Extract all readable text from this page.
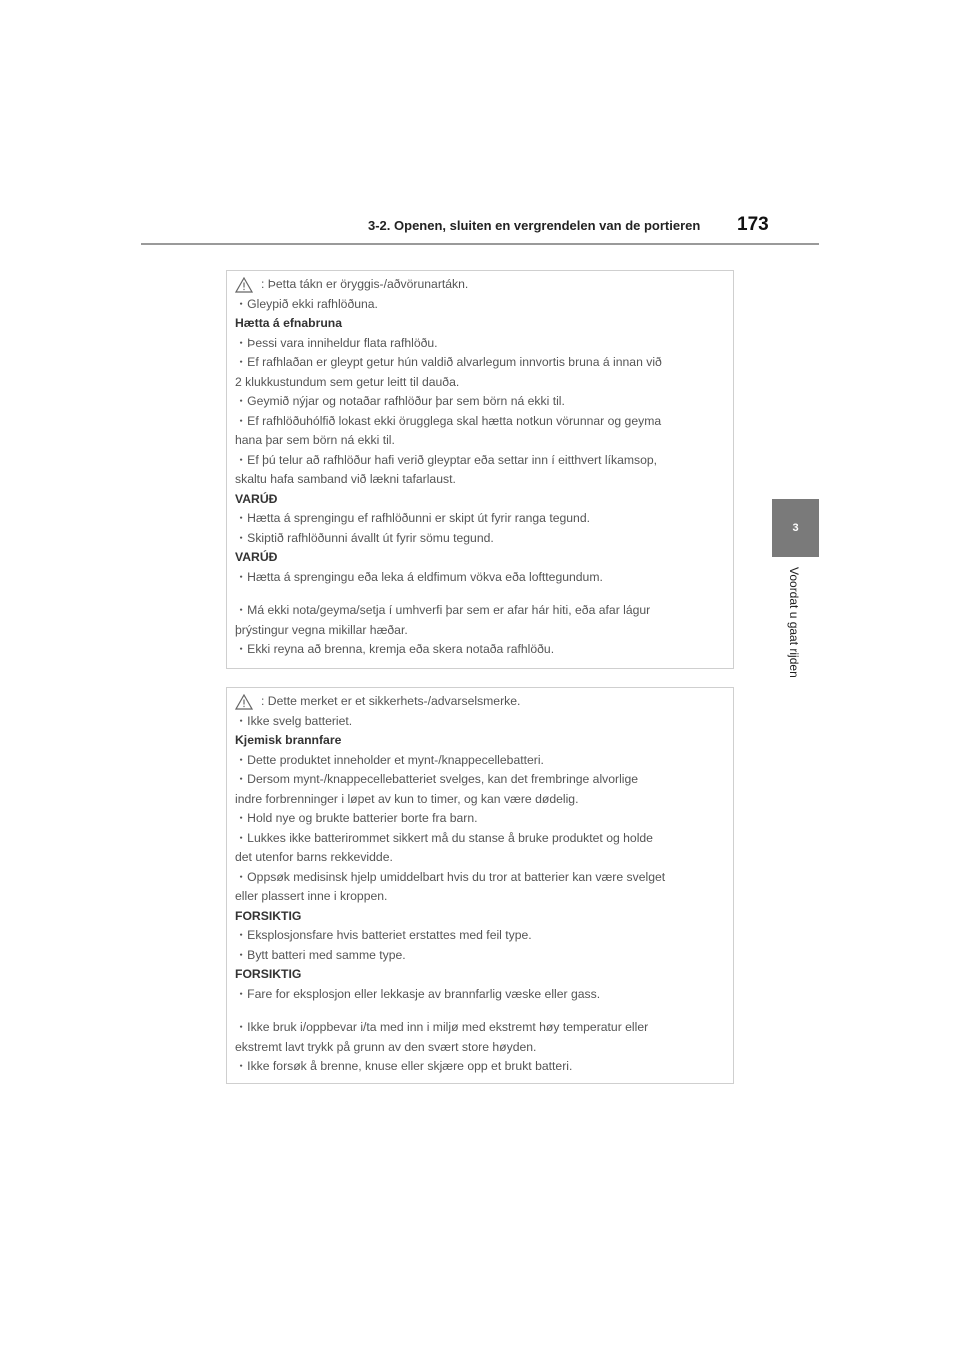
3-2. Openen, sluiten en vergrendelen van de portieren 173
3
Voordat u gaat rijden
: Þetta tákn er öryggis-/aðvörunartákn.
・Gleypið ekki rafhlöðuna.
Hætta á efnabruna
・Þessi vara inniheldur flata rafhlöðu.
・Ef rafhlaðan er gleypt getur hún valdið alvarlegum innvortis bruna á innan við
2 klukkustundum sem getur leitt til dauða.
・Geymið nýjar og notaðar rafhlöður þar sem börn ná ekki til.
・Ef rafhlöðuhólfið lokast ekki örugglega skal hætta notkun vörunnar og geyma
hana þar sem börn ná ekki til.
・Ef þú telur að rafhlöður hafi verið gleyptar eða settar inn í eitthvert líkamsop,
skaltu hafa samband við lækni tafarlaust.
VARÚÐ
・Hætta á sprengingu ef rafhlöðunni er skipt út fyrir ranga tegund.
・Skiptið rafhlöðunni ávallt út fyrir sömu tegund.
VARÚÐ
・Hætta á sprengingu eða leka á eldfimum vökva eða lofttegundum.
・Má ekki nota/geyma/setja í umhverfi þar sem er afar hár hiti, eða afar lágur
þrýstingur vegna mikillar hæðar.
・Ekki reyna að brenna, kremja eða skera notaða rafhlöðu.
: Dette merket er et sikkerhets-/advarselsmerke.
・Ikke svelg batteriet.
Kjemisk brannfare
・Dette produktet inneholder et mynt-/knappecellebatteri.
・Dersom mynt-/knappecellebatteriet svelges, kan det frembringe alvorlige
indre forbrenninger i løpet av kun to timer, og kan være dødelig.
・Hold nye og brukte batterier borte fra barn.
・Lukkes ikke batterirommet sikkert må du stanse å bruke produktet og holde
det utenfor barns rekkevidde.
・Oppsøk medisinsk hjelp umiddelbart hvis du tror at batterier kan være svelget
eller plassert inne i kroppen.
FORSIKTIG
・Eksplosjonsfare hvis batteriet erstattes med feil type.
・Bytt batteri med samme type.
FORSIKTIG
・Fare for eksplosjon eller lekkasje av brannfarlig væske eller gass.
・Ikke bruk i/oppbevar i/ta med inn i miljø med ekstremt høy temperatur eller
ekstremt lavt trykk på grunn av den svært store høyden.
・Ikke forsøk å brenne, knuse eller skjære opp et brukt batteri.
